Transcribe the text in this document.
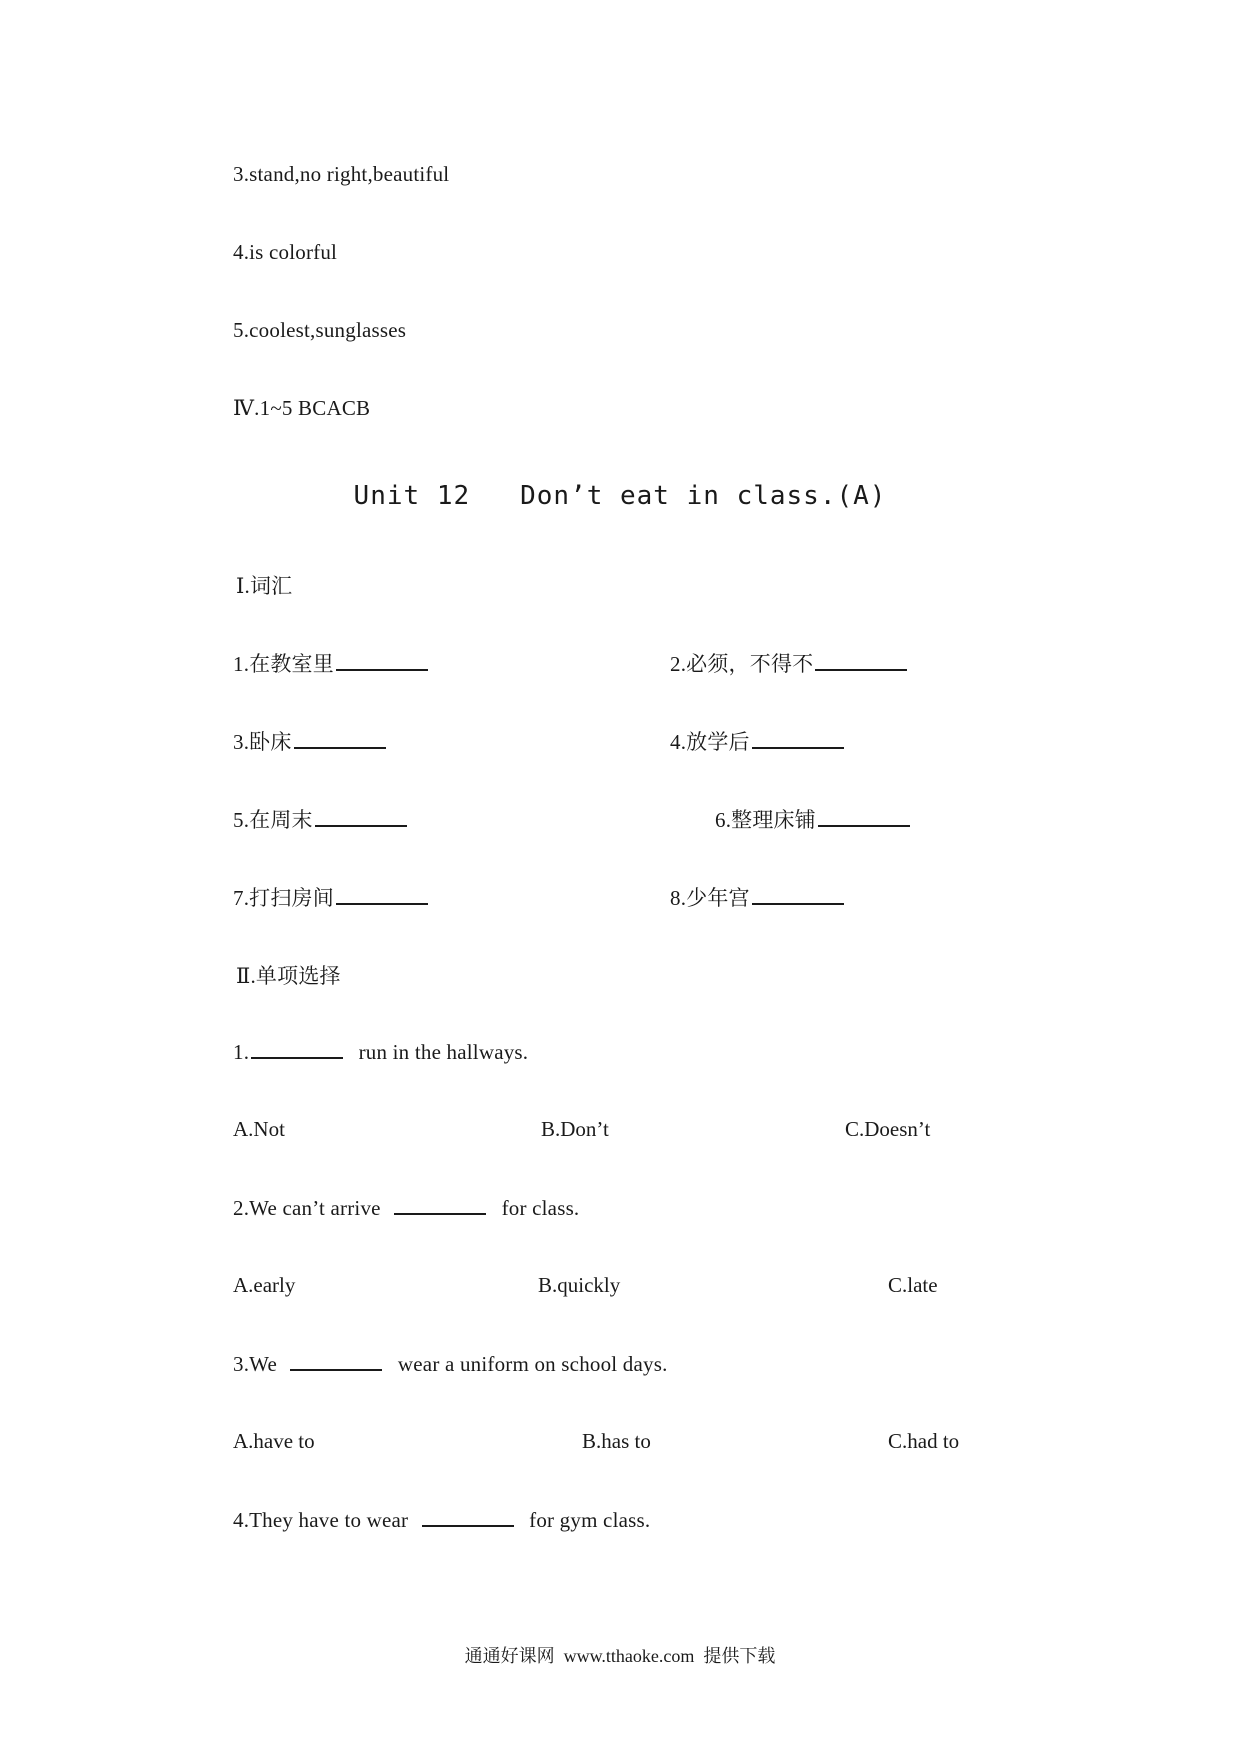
3.stand,no right,beautiful
4.is colorful
5.coolest,sunglasses
Ⅳ.1~5 BCACB
Unit 12   Don’t eat in class.(A)
Ⅰ.词汇
1.在教室里	2.必须，不得不
3.卧床	4.放学后
5.在周末	6.整理床铺
7.打扫房间	8.少年宫
Ⅱ.单项选择
1.	run in the hallways.
A.Not	B.Don’t	C.Doesn’t
2.We can’t arrive	for class.
A.early	B.quickly	C.late
3.We	wear a uniform on school days.
A.have to	B.has to	C.had to
4.They have to wear	for gym class.
通通好课网  www.tthaoke.com  提供下载
